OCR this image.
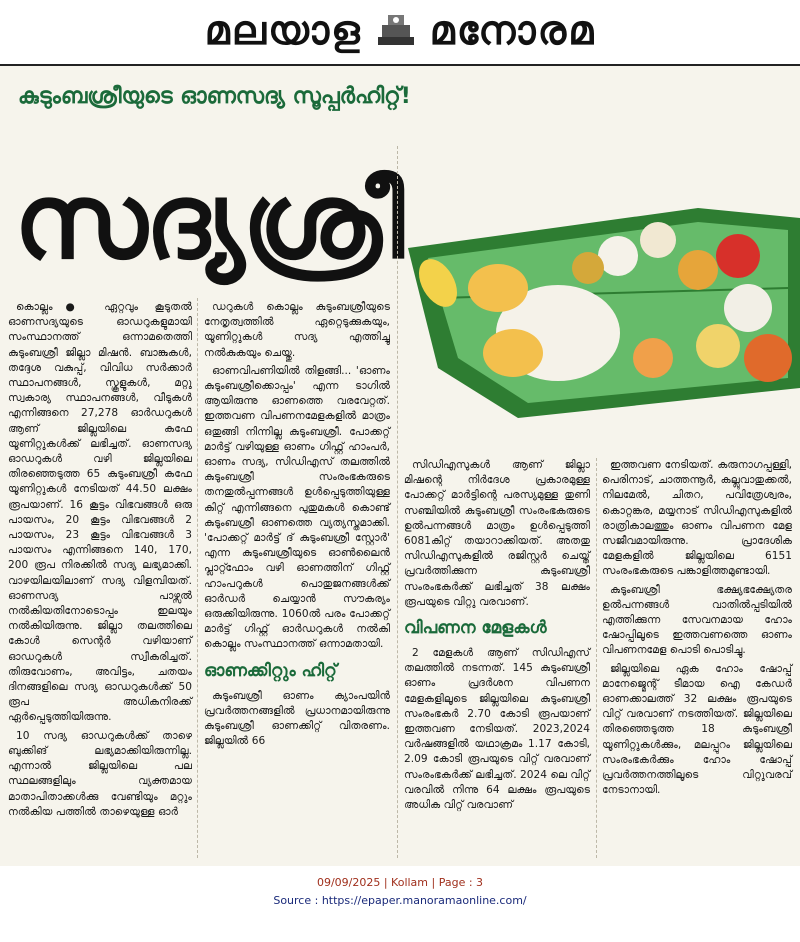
മലയാള മനോരമ
കുടുംബശ്രീയുടെ ഓണസദ്യ സൂപ്പർഹിറ്റ്!
സദ്യശ്രീ

കൊല്ലം● ഏറ്റവും കൂടുതൽ ഓണസദ്യയുടെ ഓഡറുകളുമായി സംസ്ഥാനത്ത് ഒന്നാമതെത്തി കുടുംബശ്രീ ജില്ലാ മിഷൻ. ബാങ്കുകൾ, തദ്ദേശ വകുപ്പ്, വിവിധ സർക്കാർ സ്ഥാപനങ്ങൾ, സ്കൂളുകൾ, മറ്റു സ്വകാര്യ സ്ഥാപനങ്ങൾ, വീടുകൾ എന്നിങ്ങനെ 27,278 ഓർഡറുകൾ ആണ് ജില്ലയിലെ കഫേ യൂണിറ്റുകൾക്ക് ലഭിച്ചത്. ഓണസദ്യ ഓഡറുകൾ വഴി ജില്ലയിലെ തിരഞ്ഞെടുത്ത 65 കുടുംബശ്രീ കഫേ യൂണിറ്റുകൾ നേടിയത് 44.50 ലക്ഷം രൂപയാണ്. 16 കൂട്ടം വിഭവങ്ങൾ ഒരു പായസം, 20 കൂട്ടം വിഭവങ്ങൾ 2 പായസം, 23 കൂട്ടം വിഭവങ്ങൾ 3 പായസം എന്നിങ്ങനെ 140, 170, 200 രൂപ നിരക്കിൽ സദ്യ ലഭ്യമാക്കി. വാഴയിലയിലാണ് സദ്യ വിളമ്പിയത്. ഓണസദ്യ പാഴ്സൽ നൽകിയതിനോടൊപ്പം ഇലയും നൽകിയിരുന്നു. ജില്ലാ തലത്തിലെ കോൾ സെന്റർ വഴിയാണ് ഓഡറുകൾ സ്വീകരിച്ചത്. തിരുവോണം, അവിട്ടം, ചതയം ദിനങ്ങളിലെ സദ്യ ഓഡറുകൾക്ക് 50 രൂപ അധികനിരക്ക് ഏർപ്പെടുത്തിയിരുന്നു.

10 സദ്യ ഓഡറുകൾക്ക് താഴെ ബുക്കിങ് ലഭ്യമാക്കിയിരുന്നില്ല. എന്നാൽ ജില്ലയിലെ പല സ്ഥലങ്ങളിലും വ്യക്തമായ മാതാപിതാക്കൾക്കു വേണ്ടിയും മറ്റും നൽകിയ പത്തിൽ താഴെയുള്ള ഓർ

ഡറുകൾ കൊല്ലം കുടുംബശ്രീയുടെ നേതൃത്വത്തിൽ ഏറ്റെടുക്കുകയും, യൂണിറ്റുകൾ സദ്യ എത്തിച്ചു നൽകുകയും ചെയ്തു.

ഓണവിപണിയിൽ തിളങ്ങി... 'ഓണം കുടുംബശ്രീക്കൊപ്പം' എന്ന ടാഗിൽ ആയിരുന്നു ഓണത്തെ വരവേറ്റത്. ഇത്തവണ വിപണനമേളകളിൽ മാത്രം ഒതുങ്ങി നിന്നില്ല കുടുംബശ്രീ. പോക്കറ്റ് മാർട്ട് വഴിയുള്ള ഓണം ഗിഫ്റ്റ് ഹാംപർ, ഓണം സദ്യ, സിഡിഎസ് തലത്തിൽ കുടുംബശ്രീ സംരംഭകരുടെ തനതുൽപ്പന്നങ്ങൾ ഉൾപ്പെടുത്തിയുള്ള കിറ്റ് എന്നിങ്ങനെ പുതുമകൾ കൊണ്ട് കുടുംബശ്രീ ഓണത്തെ വ്യത്യസ്തമാക്കി. 'പോക്കറ്റ് മാർട്ട് ദ് കുടുംബശ്രീ സ്റ്റോർ' എന്ന കുടുംബശ്രീയുടെ ഓൺലൈൻ പ്ലാറ്റ്ഫോം വഴി ഓണത്തിന് ഗിഫ്റ്റ് ഹാംപറുകൾ പൊതുജനങ്ങൾക്ക് ഓർഡർ ചെയ്യാൻ സൗകര്യം ഒരുക്കിയിരുന്നു. 1060ൽ പരം പോക്കറ്റ് മാർട്ട് ഗിഫ്റ്റ് ഓർഡറുകൾ നൽകി കൊല്ലം സംസ്ഥാനത്ത് ഒന്നാമതായി.

ഓണക്കിറ്റും ഹിറ്റ്

കുടുംബശ്രീ ഓണം ക്യാംപയിൻ പ്രവർത്തനങ്ങളിൽ പ്രധാനമായിരുന്നു കുടുംബശ്രീ ഓണക്കിറ്റ് വിതരണം. ജില്ലയിൽ 66

സിഡിഎസുകൾ ആണ് ജില്ലാ മിഷന്റെ നിർദേശ പ്രകാരമുള്ള പോക്കറ്റ് മാർട്ടിന്റെ പരസ്യമുള്ള തുണി സഞ്ചിയിൽ കുടുംബശ്രീ സംരംഭകരുടെ ഉൽപന്നങ്ങൾ മാത്രം ഉൾപ്പെടുത്തി 6081കിറ്റ് തയാറാക്കിയത്. അതതു സിഡിഎസുകളിൽ രജിസ്റ്റർ ചെയ്ത് പ്രവർത്തിക്കുന്ന കുടുംബശ്രീ സംരംഭകർക്ക് ലഭിച്ചത് 38 ലക്ഷം രൂപയുടെ വിറ്റു വരവാണ്.

വിപണന മേളകൾ

2 മേളകൾ ആണ് സിഡിഎസ് തലത്തിൽ നടന്നത്. 145 കുടുംബശ്രീ ഓണം പ്രദർശന വിപണന മേളകളിലൂടെ ജില്ലയിലെ കുടുംബശ്രീ സംരംഭകർ 2.70 കോടി രൂപയാണ് ഇത്തവണ നേടിയത്. 2023,2024 വർഷങ്ങളിൽ യഥാക്രമം 1.17 കോടി, 2.09 കോടി രൂപയുടെ വിറ്റ് വരവാണ് സംരംഭകർക്ക് ലഭിച്ചത്. 2024 ലെ വിറ്റ് വരവിൽ നിന്നു 64 ലക്ഷം രൂപയുടെ അധിക വിറ്റ് വരവാണ്

ഇത്തവണ നേടിയത്. കരുനാഗപ്പള്ളി, പെരിനാട്, ചാത്തന്നൂർ, കല്ലുവാതുക്കൽ, നിലമേൽ, ചിതറ, പവിത്രേശ്വരം, കൊറ്റങ്കര, മയ്യനാട് സിഡിഎസുകളിൽ രാത്രികാലത്തും ഓണം വിപണന മേള സജീവമായിരുന്നു. പ്രാദേശിക മേളകളിൽ ജില്ലയിലെ 6151 സംരംഭകരുടെ പങ്കാളിത്തമുണ്ടായി.

കുടുംബശ്രീ ഭക്ഷ്യഭക്ഷ്യേതര ഉൽപന്നങ്ങൾ വാതിൽപ്പടിയിൽ എത്തിക്കുന്ന സേവനമായ ഹോം ഷോപ്പിലൂടെ ഇത്തവണത്തെ ഓണം വിപണനമേള പൊടി പൊടിച്ചു.

ജില്ലയിലെ ഏക ഹോം ഷോപ്പ് മാനേജ്മെന്റ് ടീമായ ഐ കേഡർ ഓണക്കാലത്ത് 32 ലക്ഷം രൂപയുടെ വിറ്റ് വരവാണ് നടത്തിയത്. ജില്ലയിലെ തിരഞ്ഞെടുത്ത 18 കുടുംബശ്രീ യൂണിറ്റുകൾക്കും, മലപ്പുറം ജില്ലയിലെ സംരംഭകർക്കും ഹോം ഷോപ്പ് പ്രവർത്തനത്തിലൂടെ വിറ്റുവരവ് നേടാനായി.

09/09/2025 | Kollam | Page : 3
Source : https://epaper.manoramaonline.com/
